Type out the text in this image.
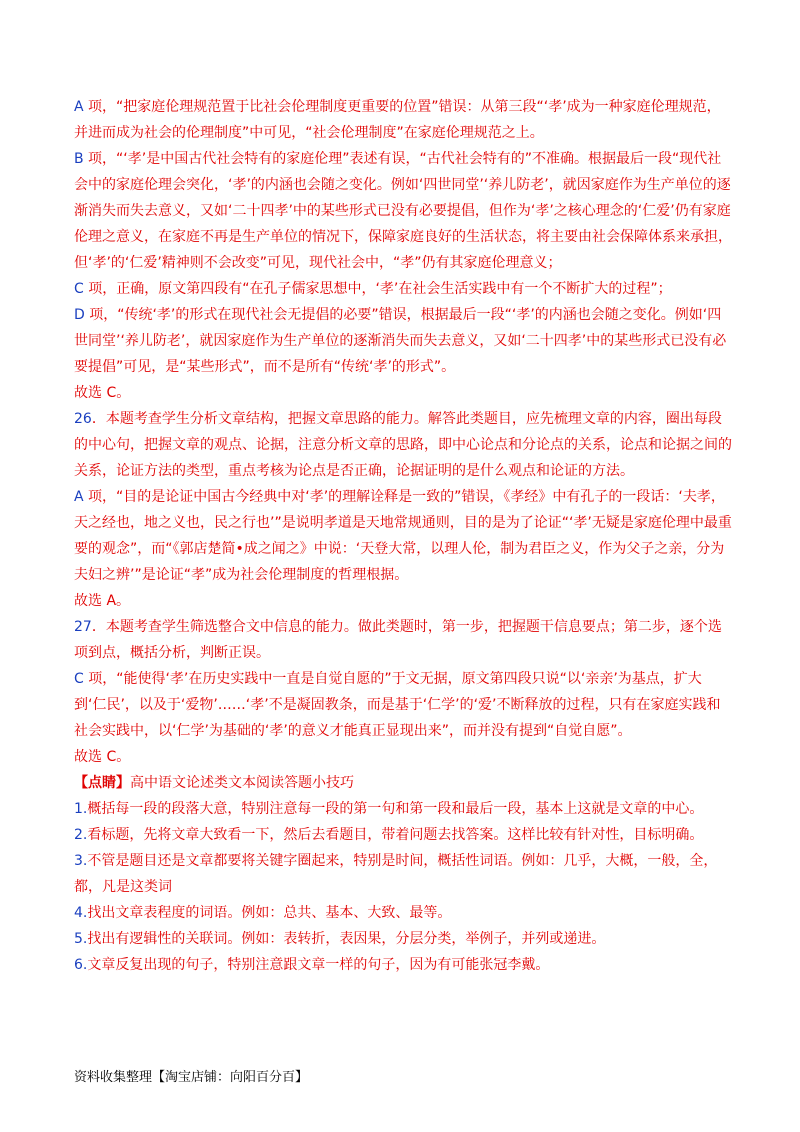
A 项，“把家庭伦理规范置于比社会伦理制度更重要的位置”错误：从第三段“‘孝’成为一种家庭伦理规范，并进而成为社会的伦理制度”中可见，“社会伦理制度”在家庭伦理规范之上。

B 项，“‘孝’是中国古代社会特有的家庭伦理”表述有误，“古代社会特有的”不准确。根据最后一段“现代社会中的家庭伦理会突化，‘孝’的内涵也会随之变化。例如‘四世同堂’‘养儿防老’，就因家庭作为生产单位的逐渐消失而失去意义，又如‘二十四孝’中的某些形式已没有必要提倡，但作为‘孝’之核心理念的‘仁爱’仍有家庭伦理之意义，在家庭不再是生产单位的情况下，保障家庭良好的生活状态，将主要由社会保障体系来承担，但‘孝’的‘仁爱’精神则不会改变”可见，现代社会中，“孝”仍有其家庭伦理意义；

C 项，正确，原文第四段有“在孔子儒家思想中，‘孝’在社会生活实践中有一个不断扩大的过程”；

D 项，“传统‘孝’的形式在现代社会无提倡的必要”错误，根据最后一段“‘孝’的内涵也会随之变化。例如‘四世同堂’‘养儿防老’，就因家庭作为生产单位的逐渐消失而失去意义，又如‘二十四孝’中的某些形式已没有必要提倡”可见，是“某些形式”，而不是所有“传统‘孝’的形式”。

故选 C。

26．本题考查学生分析文章结构，把握文章思路的能力。解答此类题目，应先梳理文章的内容，圈出每段的中心句，把握文章的观点、论据，注意分析文章的思路，即中心论点和分论点的关系，论点和论据之间的关系，论证方法的类型，重点考核为论点是否正确，论据证明的是什么观点和论证的方法。

A 项，“目的是论证中国古今经典中对‘孝’的理解诠释是一致的”错误，《孝经》中有孔子的一段话：‘夫孝，天之经也，地之义也，民之行也’”是说明孝道是天地常规通则，目的是为了论证“‘孝’无疑是家庭伦理中最重要的观念”，而“《郭店楚简•成之闻之》中说：‘天登大常，以理人伦，制为君臣之义，作为父子之亲，分为夫妇之辨’”是论证“孝”成为社会伦理制度的哲理根据。

故选 A。

27．本题考查学生筛选整合文中信息的能力。做此类题时，第一步，把握题干信息要点；第二步，逐个选项到点，概括分析，判断正误。

C 项，“能使得‘孝’在历史实践中一直是自觉自愿的”于文无据，原文第四段只说“以‘亲亲’为基点，扩大到‘仁民’，以及于‘爱物’……‘孝’不是凝固教条，而是基于‘仁学’的‘爱’不断释放的过程，只有在家庭实践和社会实践中，以‘仁学’为基础的‘孝’的意义才能真正显现出来”，而并没有提到“自觉自愿”。

故选 C。

【点睛】高中语文论述类文本阅读答题小技巧

1.概括每一段的段落大意，特别注意每一段的第一句和第一段和最后一段，基本上这就是文章的中心。

2.看标题，先将文章大致看一下，然后去看题目，带着问题去找答案。这样比较有针对性，目标明确。

3.不管是题目还是文章都要将关键字圈起来，特别是时间，概括性词语。例如：几乎，大概，一般，全，都，凡是这类词

4.找出文章表程度的词语。例如：总共、基本、大致、最等。

5.找出有逻辑性的关联词。例如：表转折，表因果，分层分类，举例子，并列或递进。

6.文章反复出现的句子，特别注意跟文章一样的句子，因为有可能张冠李戴。

资料收集整理【淘宝店铺：向阳百分百】
